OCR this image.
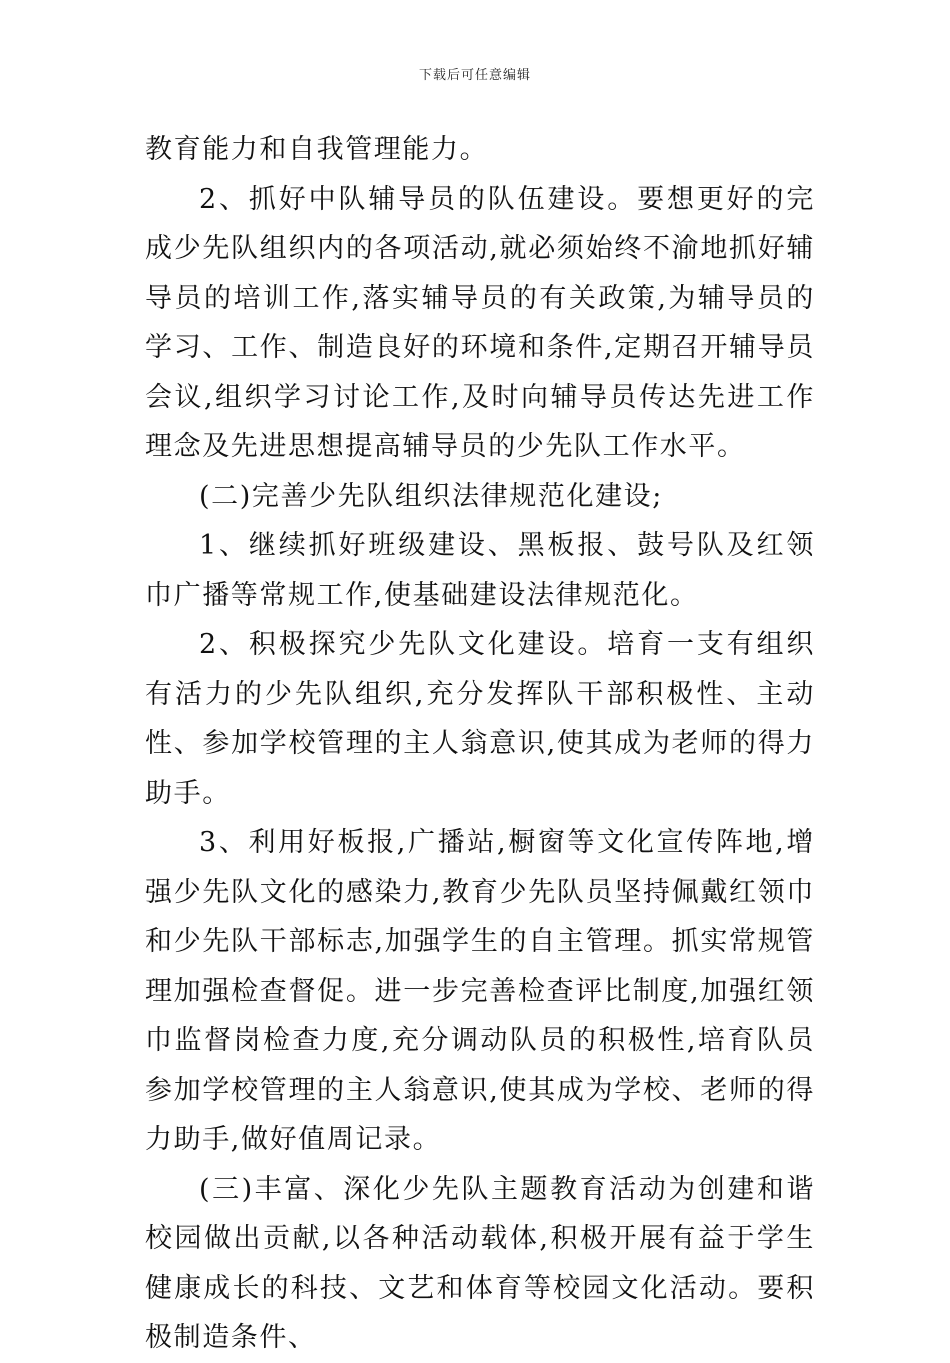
下载后可任意编辑

教育能力和自我管理能力。

2、抓好中队辅导员的队伍建设。要想更好的完成少先队组织内的各项活动,就必须始终不渝地抓好辅导员的培训工作,落实辅导员的有关政策,为辅导员的学习、工作、制造良好的环境和条件,定期召开辅导员会议,组织学习讨论工作,及时向辅导员传达先进工作理念及先进思想提高辅导员的少先队工作水平。

(二)完善少先队组织法律规范化建设;

1、继续抓好班级建设、黑板报、鼓号队及红领巾广播等常规工作,使基础建设法律规范化。

2、积极探究少先队文化建设。培育一支有组织有活力的少先队组织,充分发挥队干部积极性、主动性、参加学校管理的主人翁意识,使其成为老师的得力助手。

3、利用好板报,广播站,橱窗等文化宣传阵地,增强少先队文化的感染力,教育少先队员坚持佩戴红领巾和少先队干部标志,加强学生的自主管理。抓实常规管理加强检查督促。进一步完善检查评比制度,加强红领巾监督岗检查力度,充分调动队员的积极性,培育队员参加学校管理的主人翁意识,使其成为学校、老师的得力助手,做好值周记录。

(三)丰富、深化少先队主题教育活动为创建和谐校园做出贡献,以各种活动载体,积极开展有益于学生健康成长的科技、文艺和体育等校园文化活动。要积极制造条件、
